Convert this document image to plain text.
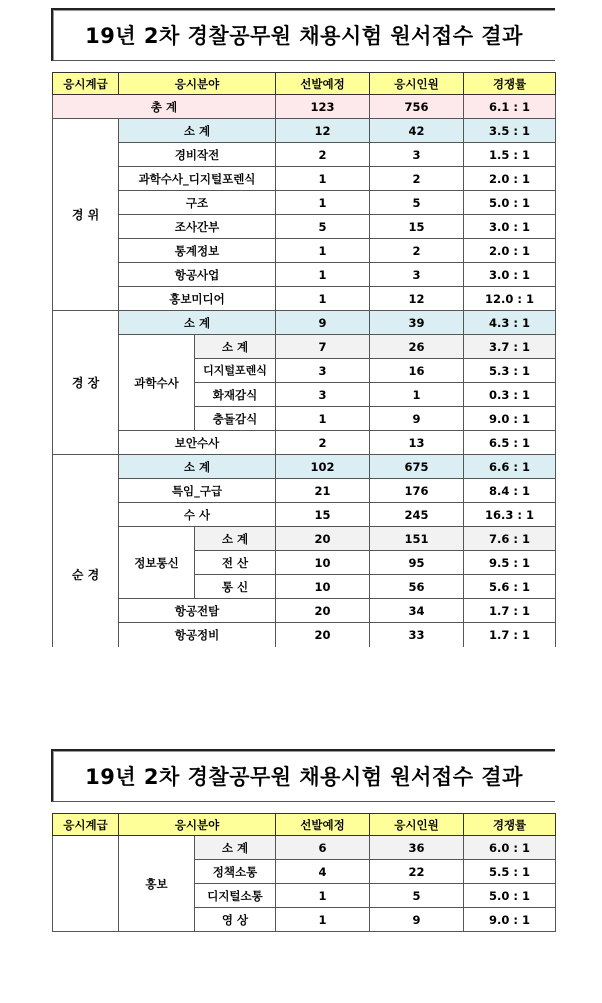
19년 2차 경찰공무원 채용시험 원서접수 결과
응시계급	응시분야		선발예정	응시인원	경쟁률
총 계			123	756	6.1 : 1
경 위	소 계		12	42	3.5 : 1
	경비작전		2	3	1.5 : 1
	과학수사_디지털포렌식		1	2	2.0 : 1
	구조		1	5	5.0 : 1
	조사간부		5	15	3.0 : 1
	통계정보		1	2	2.0 : 1
	항공사업		1	3	3.0 : 1
	홍보미디어		1	12	12.0 : 1
경 장	소 계		9	39	4.3 : 1
	과학수사	소 계	7	26	3.7 : 1
		디지털포렌식	3	16	5.3 : 1
		화재감식	3	1	0.3 : 1
		충돌감식	1	9	9.0 : 1
	보안수사		2	13	6.5 : 1
순 경	소 계		102	675	6.6 : 1
	특임_구급		21	176	8.4 : 1
	수 사		15	245	16.3 : 1
	정보통신	소 계	20	151	7.6 : 1
		전 산	10	95	9.5 : 1
		통 신	10	56	5.6 : 1
	항공전탐		20	34	1.7 : 1
	항공정비		20	33	1.7 : 1
19년 2차 경찰공무원 채용시험 원서접수 결과
응시계급	응시분야		선발예정	응시인원	경쟁률
	홍보	소 계	6	36	6.0 : 1
		정책소통	4	22	5.5 : 1
		디지털소통	1	5	5.0 : 1
		영 상	1	9	9.0 : 1
